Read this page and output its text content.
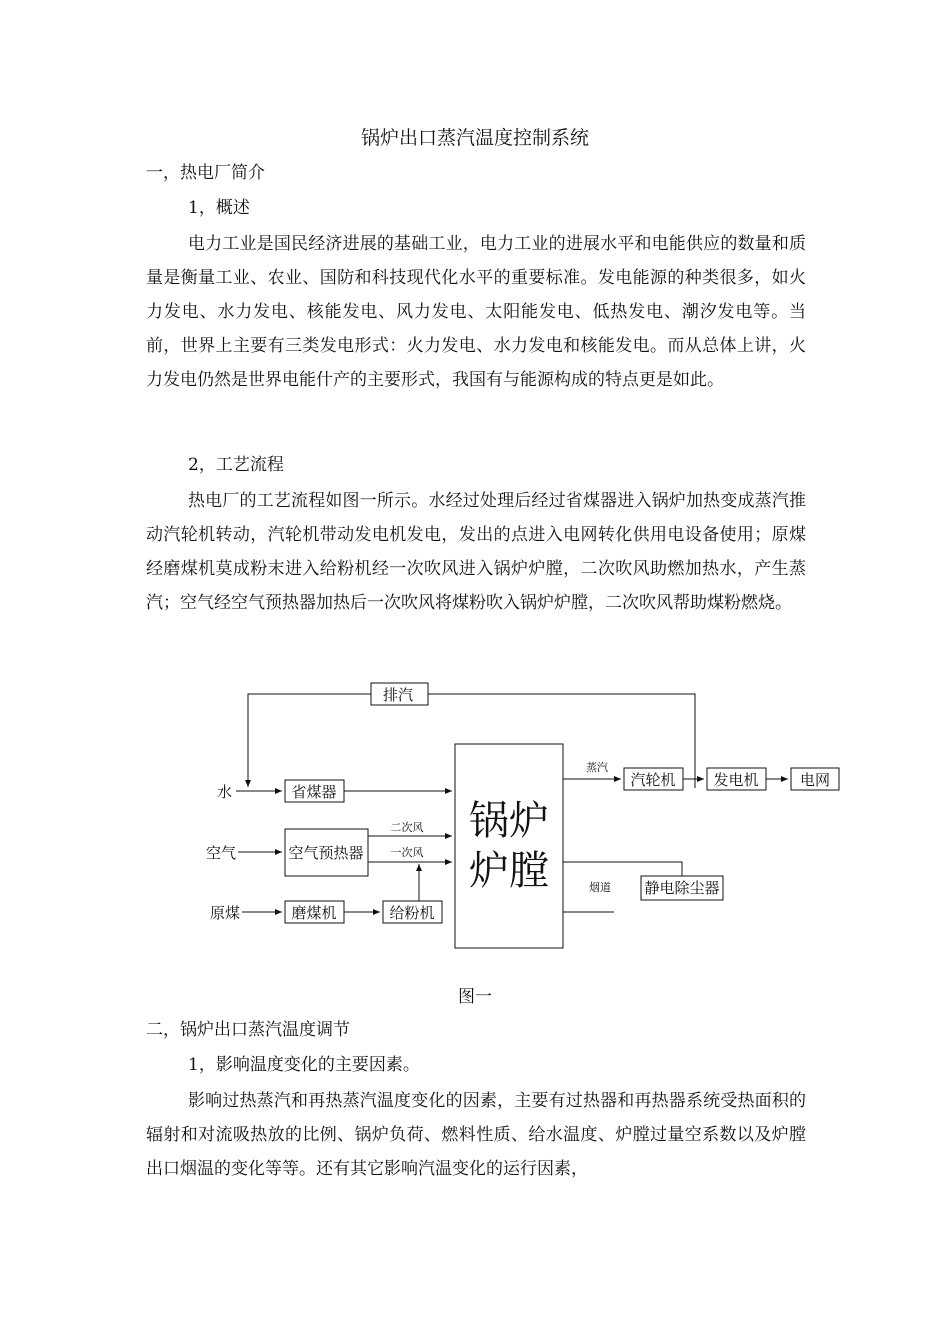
锅炉出口蒸汽温度控制系统
一，热电厂简介
1，概述
电力工业是国民经济进展的基础工业，电力工业的进展水平和电能供应的数量和质量是衡量工业、农业、国防和科技现代化水平的重要标准。发电能源的种类很多，如火力发电、水力发电、核能发电、风力发电、太阳能发电、低热发电、潮汐发电等。当前，世界上主要有三类发电形式：火力发电、水力发电和核能发电。而从总体上讲，火力发电仍然是世界电能什产的主要形式，我国有与能源构成的特点更是如此。
2，工艺流程
热电厂的工艺流程如图一所示。水经过处理后经过省煤器进入锅炉加热变成蒸汽推动汽轮机转动，汽轮机带动发电机发电，发出的点进入电网转化供用电设备使用；原煤经磨煤机莫成粉末进入给粉机经一次吹风进入锅炉炉膛，二次吹风助燃加热水，产生蒸汽；空气经空气预热器加热后一次吹风将煤粉吹入锅炉炉膛，二次吹风帮助煤粉燃烧。
排汽
水	省煤器
空气	空气预热器
原煤	磨煤机	给粉机
汽轮机	发电机	电网
静电除尘器
二次风
一次风
蒸汽
烟道
锅炉
炉膛
图一
二，锅炉出口蒸汽温度调节
1，影响温度变化的主要因素。
影响过热蒸汽和再热蒸汽温度变化的因素，主要有过热器和再热器系统受热面积的辐射和对流吸热放的比例、锅炉负荷、燃料性质、给水温度、炉膛过量空系数以及炉膛出口烟温的变化等等。还有其它影响汽温变化的运行因素，
